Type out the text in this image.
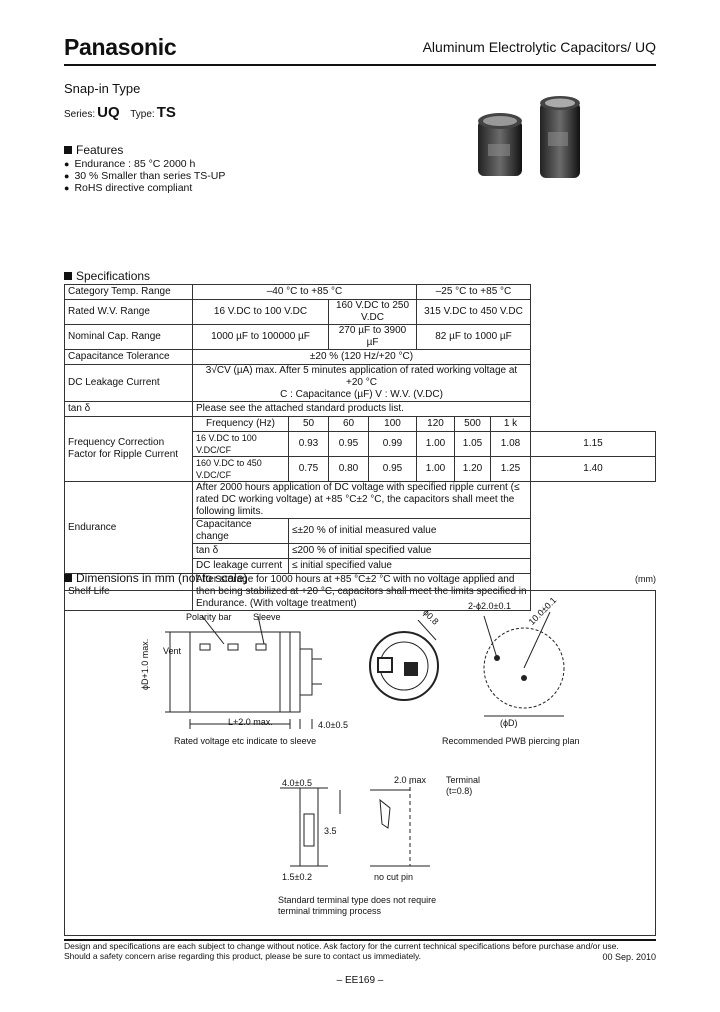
Panasonic	Aluminum Electrolytic Capacitors/ UQ
Snap-in Type
Series: UQ Type: TS
Features
● Endurance : 85 °C 2000 h
● 30 % Smaller than series TS-UP
● RoHS directive compliant
Specifications
Category Temp. Range	–40 °C to +85 °C				–25 °C to +85 °C			
Rated W.V. Range	16 V.DC to 100 V.DC		160 V.DC to 250 V.DC		315 V.DC to 450 V.DC			
Nominal Cap. Range	1000 µF to 100000 µF		270 µF to 3900 µF		82 µF to 1000 µF			
Capacitance Tolerance	±20 % (120 Hz/+20 °C)							
DC Leakage Current	3√CV (µA) max. After 5 minutes application of rated working voltage at +20 °C
C : Capacitance (µF) V : W.V. (V.DC)							

tan δ	Please see the attached standard products list.							
Frequency Correction Factor for Ripple Current	Frequency (Hz)	50	60	100	120	500	1 k	
	16 V.DC to 100 V.DC/CF	0.93	0.95	0.99	1.00	1.05	1.08	1.15
	160 V.DC to 450 V.DC/CF	0.75	0.80	0.95	1.00	1.20	1.25	1.40
Endurance	After 2000 hours application of DC voltage with specified ripple current (≤ rated DC working voltage) at +85 °C±2 °C, the capacitors shall meet the following limits.							
	Capacitance change	≤±20 % of initial measured value						
	tan δ	≤200 % of initial specified value						
	DC leakage current	≤ initial specified value						
Shelf Life	After storage for 1000 hours at +85 °C±2 °C with no voltage applied and then being stabilized at +20 °C, capacitors shall meet the limits specified in Endurance. (With voltage treatment)							
Dimensions in mm (not to scale)	(mm)
Polarity bar Sleeve
Vent
ϕD+1.0 max.
L+2.0 max.	4.0±0.5
Rated voltage etc indicate to sleeve
ϕ0.8
2-ϕ2.0±0.1 10.0±0.1
(ϕD)
Recommended PWB piercing plan
4.0±0.5	2.0 max Terminal
(t=0.8)
3.5
1.5±0.2	no cut pin
Standard terminal type does not require
terminal trimming process
Design and specifications are each subject to change without notice. Ask factory for the current technical specifications before purchase and/or use.
Should a safety concern arise regarding this product, please be sure to contact us immediately.	00 Sep. 2010
– EE169 –
